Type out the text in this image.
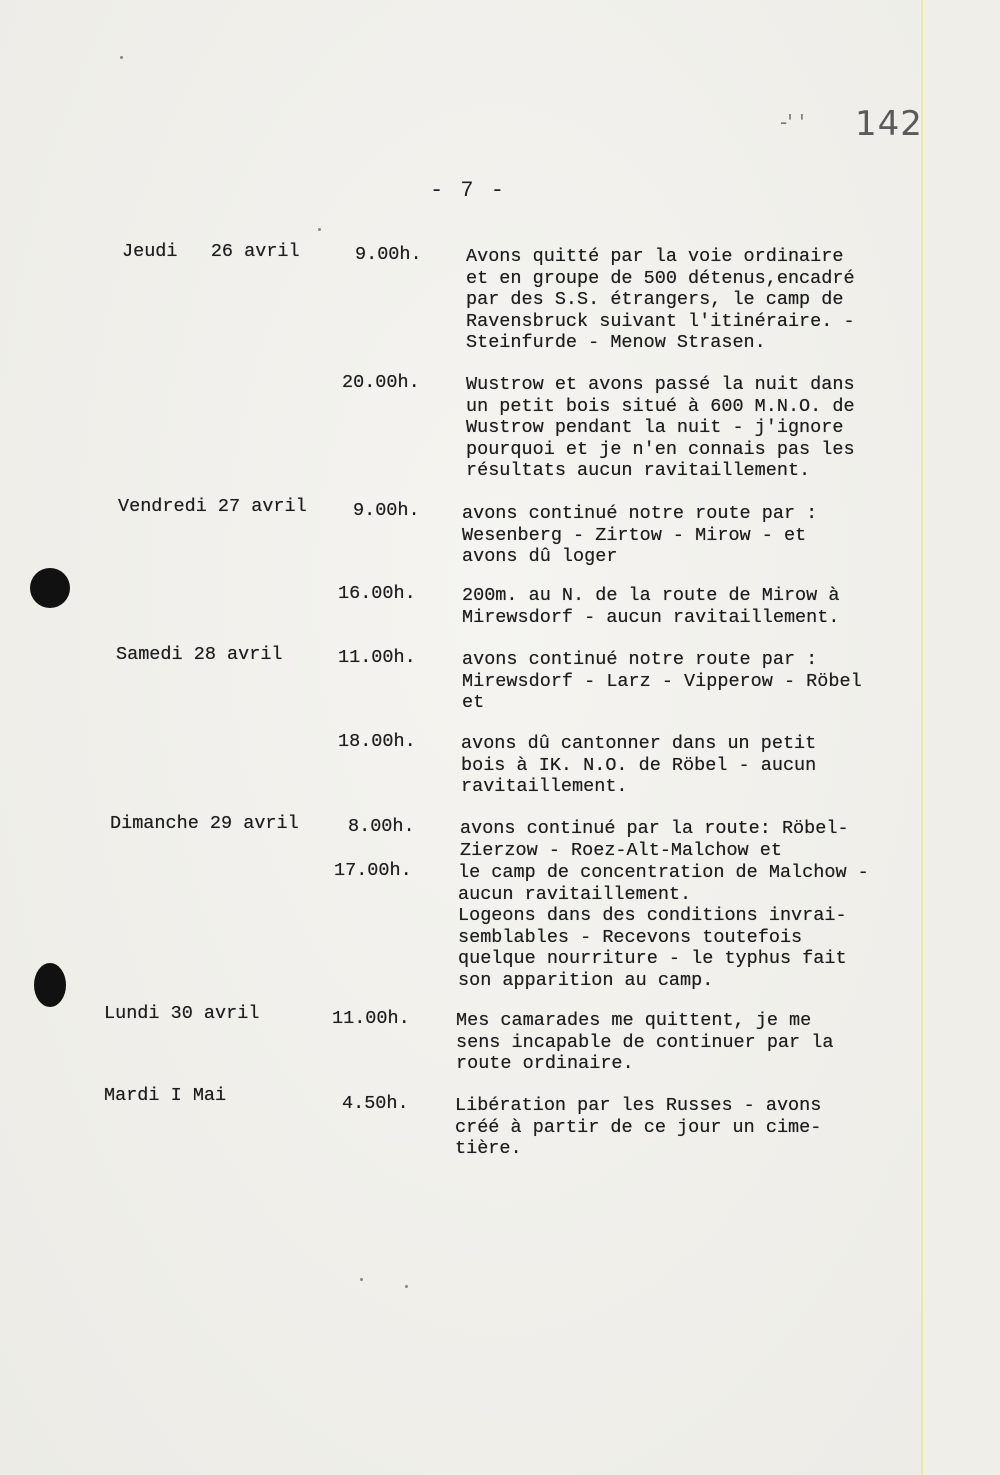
-' ' 142
- 7 -
Jeudi   26 avril	9.00h. Avons quitté par la voie ordinaire
et en groupe de 500 détenus,encadré
par des S.S. étrangers, le camp de
Ravensbruck suivant l'itinéraire. -
Steinfurde - Menow Strasen.
20.00h.	Wustrow et avons passé la nuit dans
un petit bois situé à 600 M.N.O. de
Wustrow pendant la nuit - j'ignore
pourquoi et je n'en connais pas les
résultats aucun ravitaillement.
Vendredi 27 avril	9.00h. avons continué notre route par :
Wesenberg - Zirtow - Mirow - et
avons dû loger
16.00h.	200m. au N. de la route de Mirow à
Mirewsdorf - aucun ravitaillement.
Samedi 28 avril	11.00h.	avons continué notre route par :
Mirewsdorf - Larz - Vipperow - Röbel
et
18.00h. avons dû cantonner dans un petit
bois à IK. N.O. de Röbel - aucun
ravitaillement.
Dimanche 29 avril	8.00h. avons continué par la route: Röbel-
Zierzow - Roez-Alt-Malchow et
17.00h.	le camp de concentration de Malchow -
aucun ravitaillement.
Logeons dans des conditions invrai-
semblables - Recevons toutefois
quelque nourriture - le typhus fait
son apparition au camp.
Lundi 30 avril	11.00h.	Mes camarades me quittent, je me
sens incapable de continuer par la
route ordinaire.
Mardi I Mai	4.50h.	Libération par les Russes - avons
créé à partir de ce jour un cime-
tière.
